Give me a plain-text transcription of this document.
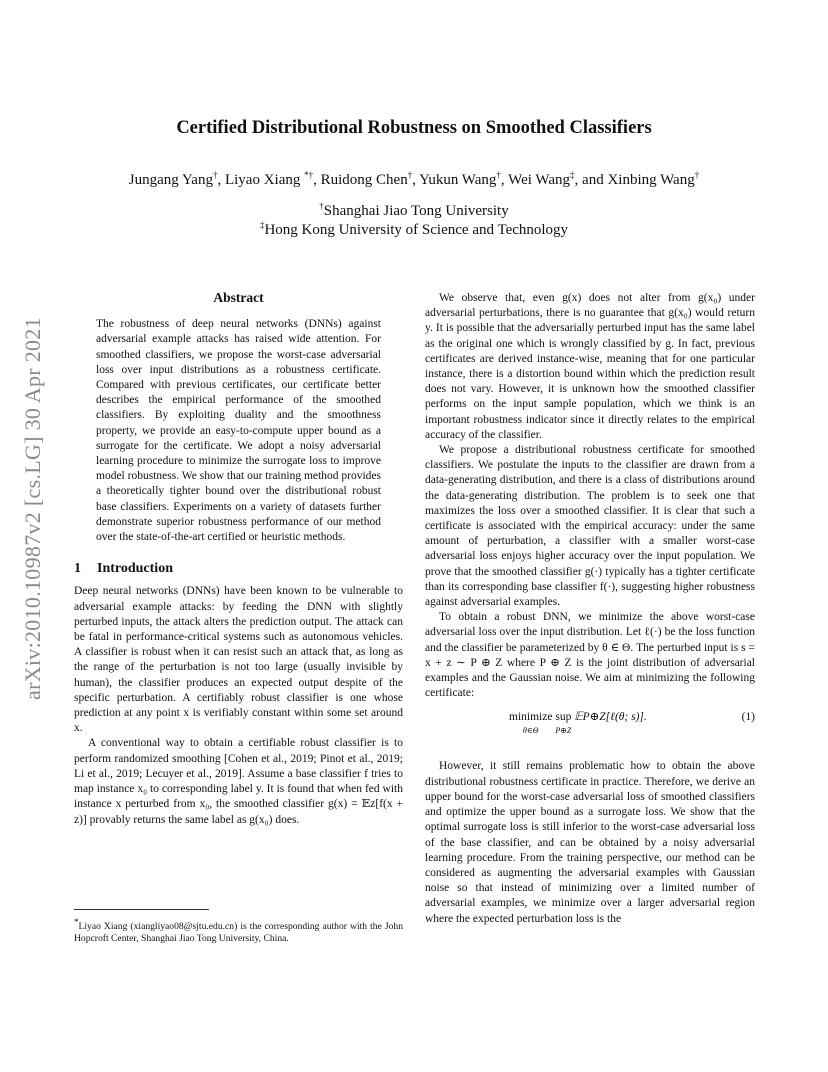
arXiv:2010.10987v2 [cs.LG] 30 Apr 2021
Certified Distributional Robustness on Smoothed Classifiers

Jungang Yang†, Liyao Xiang *†, Ruidong Chen†, Yukun Wang†, Wei Wang‡, and Xinbing Wang†

†Shanghai Jiao Tong University

‡Hong Kong University of Science and Technology

Abstract

The robustness of deep neural networks (DNNs) against adversarial example attacks has raised wide attention. For smoothed classifiers, we propose the worst-case adversarial loss over input distributions as a robustness certificate. Compared with previous certificates, our certificate better describes the empirical performance of the smoothed classifiers. By exploiting duality and the smoothness property, we provide an easy-to-compute upper bound as a surrogate for the certificate. We adopt a noisy adversarial learning procedure to minimize the surrogate loss to improve model robustness. We show that our training method provides a theoretically tighter bound over the distributional robust base classifiers. Experiments on a variety of datasets further demonstrate superior robustness performance of our method over the state-of-the-art certified or heuristic methods.

1	Introduction

Deep neural networks (DNNs) have been known to be vulnerable to adversarial example attacks: by feeding the DNN with slightly perturbed inputs, the attack alters the prediction output. The attack can be fatal in performance-critical systems such as autonomous vehicles. A classifier is robust when it can resist such an attack that, as long as the range of the perturbation is not too large (usually invisible by human), the classifier produces an expected output despite of the specific perturbation. A certifiably robust classifier is one whose prediction at any point x is verifiably constant within some set around x.

A conventional way to obtain a certifiable robust classifier is to perform randomized smoothing [Cohen et al., 2019; Pinot et al., 2019; Li et al., 2019; Lecuyer et al., 2019]. Assume a base classifier f tries to map instance x₀ to corresponding label y. It is found that when fed with instance x perturbed from x₀, the smoothed classifier g(x) = 𝔼z[f(x + z)] provably returns the same label as g(x₀) does.

*Liyao Xiang (xiangliyao08@sjtu.edu.cn) is the corresponding author with the John Hopcroft Center, Shanghai Jiao Tong University, China.

We observe that, even g(x) does not alter from g(x₀) under adversarial perturbations, there is no guarantee that g(x₀) would return y. It is possible that the adversarially perturbed input has the same label as the original one which is wrongly classified by g. In fact, previous certificates are derived instance-wise, meaning that for one particular instance, there is a distortion bound within which the prediction result does not vary. However, it is unknown how the smoothed classifier performs on the input sample population, which we think is an important robustness indicator since it directly relates to the empirical accuracy of the classifier.

We propose a distributional robustness certificate for smoothed classifiers. We postulate the inputs to the classifier are drawn from a data-generating distribution, and there is a class of distributions around the data-generating distribution. The problem is to seek one that maximizes the loss over a smoothed classifier. It is clear that such a certificate is associated with the empirical accuracy: under the same amount of perturbation, a classifier with a smaller worst-case adversarial loss enjoys higher accuracy over the input population. We prove that the smoothed classifier g(·) typically has a tighter certificate than its corresponding base classifier f(·), suggesting higher robustness against adversarial examples.

To obtain a robust DNN, we minimize the above worst-case adversarial loss over the input distribution. Let ℓ(·) be the loss function and the classifier be parameterized by θ ∈ Θ. The perturbed input is s = x + z ∼ P ⊕ Z where P ⊕ Z is the joint distribution of adversarial examples and the Gaussian noise. We aim at minimizing the following certificate:

minimize
θ∈Θ
sup
P⊕Z
𝔼P⊕Z[ℓ(θ; s)].	(1)

However, it still remains problematic how to obtain the above distributional robustness certificate in practice. Therefore, we derive an upper bound for the worst-case adversarial loss of smoothed classifiers and optimize the upper bound as a surrogate loss. We show that the optimal surrogate loss is still inferior to the worst-case adversarial loss of the base classifier, and can be obtained by a noisy adversarial learning procedure. From the training perspective, our method can be considered as augmenting the adversarial examples with Gaussian noise so that instead of minimizing over a limited number of adversarial examples, we minimize over a larger adversarial region where the expected perturbation loss is the
